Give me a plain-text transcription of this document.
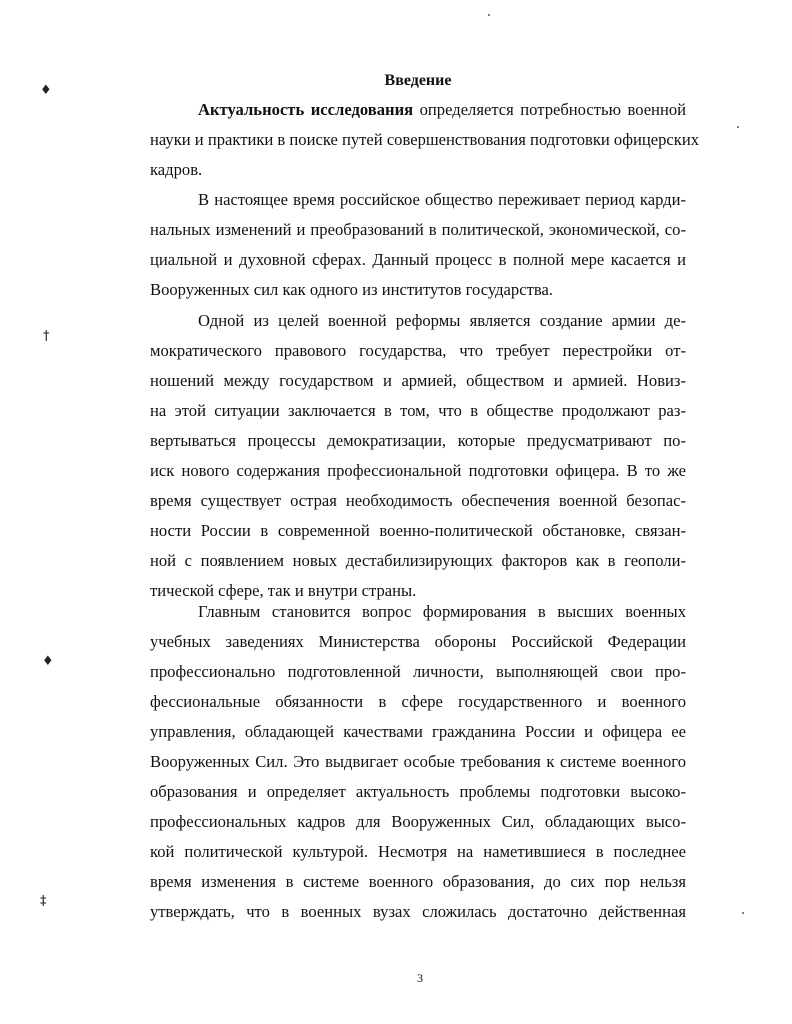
♦
†
♦
‡
Введение
Актуальность исследования определяется потребностью военной
науки и практики в поиске путей совершенствования подготовки офицерских
кадров.
В настоящее время российское общество переживает период карди-
нальных изменений и преобразований в политической, экономической, со-
циальной и духовной сферах. Данный процесс в полной мере касается и
Вооруженных сил как одного из институтов государства.
Одной из целей военной реформы является создание армии де-
мократического правового государства, что требует перестройки от-
ношений между государством и армией, обществом и армией. Новиз-
на этой ситуации заключается в том, что в обществе продолжают раз-
вертываться процессы демократизации, которые предусматривают по-
иск нового содержания профессиональной подготовки офицера. В то же
время существует острая необходимость обеспечения военной безопас-
ности России в современной военно-политической обстановке, связан-
ной с появлением новых дестабилизирующих факторов как в геополи-
тической сфере, так и внутри страны.
Главным становится вопрос формирования в высших военных
учебных заведениях Министерства обороны Российской Федерации
профессионально подготовленной личности, выполняющей свои про-
фессиональные обязанности в сфере государственного и военного
управления, обладающей качествами гражданина России и офицера ее
Вооруженных Сил. Это выдвигает особые требования к системе военного
образования и определяет актуальность проблемы подготовки высоко-
профессиональных кадров для Вооруженных Сил, обладающих высо-
кой политической культурой. Несмотря на наметившиеся в последнее
время изменения в системе военного образования, до сих пор нельзя
утверждать, что в военных вузах сложилась достаточно действенная
3
